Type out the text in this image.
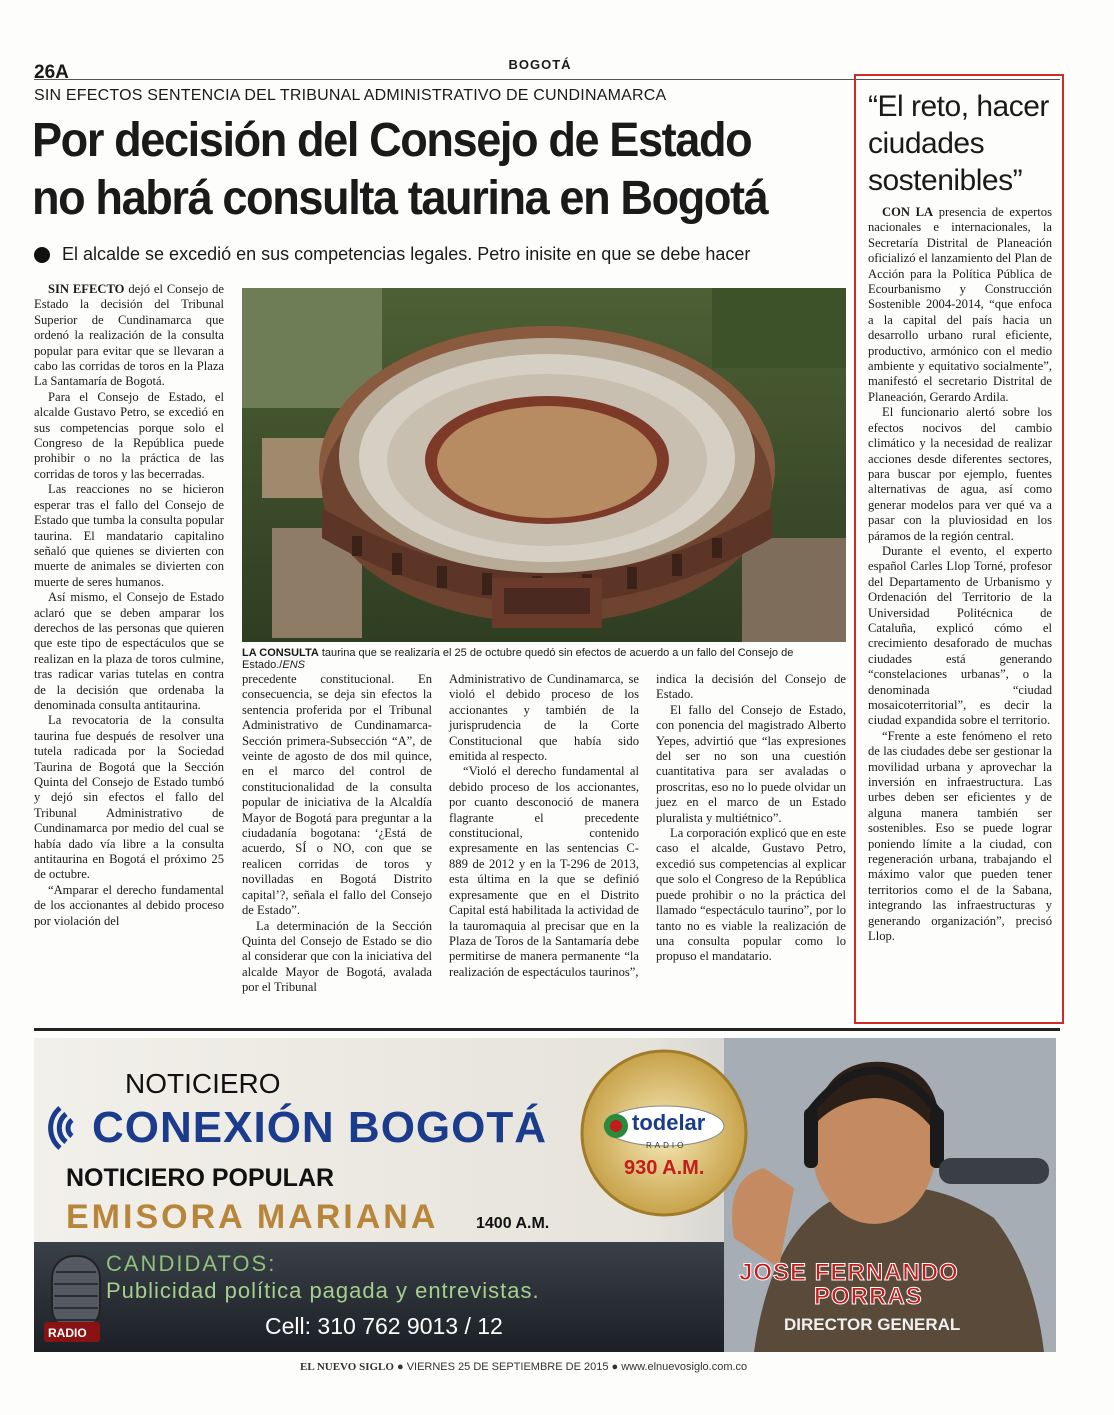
26A	BOGOTÁ
SIN EFECTOS SENTENCIA DEL TRIBUNAL ADMINISTRATIVO DE CUNDINAMARCA
Por decisión del Consejo de Estado
no habrá consulta taurina en Bogotá
El alcalde se excedió en sus competencias legales. Petro inisite en que se debe hacer

SIN EFECTO dejó el Consejo de Estado la decisión del Tribunal Superior de Cundinamarca que ordenó la realización de la consulta popular para evitar que se llevaran a cabo las corridas de toros en la Plaza La Santamaría de Bogotá.

Para el Consejo de Estado, el alcalde Gustavo Petro, se excedió en sus competencias porque solo el Congreso de la República puede prohibir o no la práctica de las corridas de toros y las becerradas.

Las reacciones no se hicieron esperar tras el fallo del Consejo de Estado que tumba la consulta popular taurina. El mandatario capitalino señaló que quienes se divierten con muerte de animales se divierten con muerte de seres humanos.

Así mismo, el Consejo de Estado aclaró que se deben amparar los derechos de las personas que quieren que este tipo de espectáculos que se realizan en la plaza de toros culmine, tras radicar varias tutelas en contra de la decisión que ordenaba la denominada consulta antitaurina.

La revocatoria de la consulta taurina fue después de resolver una tutela radicada por la Sociedad Taurina de Bogotá que la Sección Quinta del Consejo de Estado tumbó y dejó sin efectos el fallo del Tribunal Administrativo de Cundinamarca por medio del cual se había dado vía libre a la consulta antitaurina en Bogotá el próximo 25 de octubre.

“Amparar el derecho fundamental de los accionantes al debido proceso por violación del

LA CONSULTA taurina que se realizaría el 25 de octubre quedó sin efectos de acuerdo a un fallo del Consejo de Estado./ENS

precedente constitucional. En consecuencia, se deja sin efectos la sentencia proferida por el Tribunal Administrativo de Cundinamarca-Sección primera-Subsección “A”, de veinte de agosto de dos mil quince, en el marco del control de constitucionalidad de la consulta popular de iniciativa de la Alcaldía Mayor de Bogotá para preguntar a la ciudadanía bogotana: ‘¿Está de acuerdo, SÍ o NO, con que se realicen corridas de toros y novilladas en Bogotá Distrito capital’?, señala el fallo del Consejo de Estado”.

La determinación de la Sección Quinta del Consejo de Estado se dio al considerar que con la iniciativa del alcalde Mayor de Bogotá, avalada por el Tribunal

Administrativo de Cundinamarca, se violó el debido proceso de los accionantes y también de la jurisprudencia de la Corte Constitucional que había sido emitida al respecto.

“Violó el derecho fundamental al debido proceso de los accionantes, por cuanto desconoció de manera flagrante el precedente constitucional, contenido expresamente en las sentencias C-889 de 2012 y en la T-296 de 2013, esta última en la que se definió expresamente que en el Distrito Capital está habilitada la actividad de la tauromaquia al precisar que en la Plaza de Toros de la Santamaría debe permitirse de manera permanente “la realización de espectáculos taurinos”,

indica la decisión del Consejo de Estado.

El fallo del Consejo de Estado, con ponencia del magistrado Alberto Yepes, advirtió que “las expresiones del ser no son una cuestión cuantitativa para ser avaladas o proscritas, eso no lo puede olvidar un juez en el marco de un Estado pluralista y multiétnico”.

La corporación explicó que en este caso el alcalde, Gustavo Petro, excedió sus competencias al explicar que solo el Congreso de la República puede prohibir o no la práctica del llamado “espectáculo taurino”, por lo tanto no es viable la realización de una consulta popular como lo propuso el mandatario.

“El reto, hacer
ciudades
sostenibles”

CON LA presencia de expertos nacionales e internacionales, la Secretaría Distrital de Planeación oficializó el lanzamiento del Plan de Acción para la Política Pública de Ecourbanismo y Construcción Sostenible 2004-2014, “que enfoca a la capital del país hacia un desarrollo urbano rural eficiente, productivo, armónico con el medio ambiente y equitativo socialmente”, manifestó el secretario Distrital de Planeación, Gerardo Ardila.

El funcionario alertó sobre los efectos nocivos del cambio climático y la necesidad de realizar acciones desde diferentes sectores, para buscar por ejemplo, fuentes alternativas de agua, así como generar modelos para ver qué va a pasar con la pluviosidad en los páramos de la región central.

Durante el evento, el experto español Carles Llop Torné, profesor del Departamento de Urbanismo y Ordenación del Territorio de la Universidad Politécnica de Cataluña, explicó cómo el crecimiento desaforado de muchas ciudades está generando “constelaciones urbanas”, o la denominada “ciudad mosaicoterritorial”, es decir la ciudad expandida sobre el territorio.

“Frente a este fenómeno el reto de las ciudades debe ser gestionar la movilidad urbana y aprovechar la inversión en infraestructura. Las urbes deben ser eficientes y de alguna manera también ser sostenibles. Eso se puede lograr poniendo límite a la ciudad, con regeneración urbana, trabajando el máximo valor que pueden tener territorios como el de la Sabana, integrando las infraestructuras y generando organización”, precisó Llop.

NOTICIERO
CONEXIÓN BOGOTÁ
NOTICIERO POPULAR
EMISORA MARIANA 1400 A.M.
CANDIDATOS:
Publicidad política pagada y entrevistas.
Cell: 310 762 9013 / 12
todelar
RADIO
930 A.M.
RADIO
JOSE FERNANDO
PORRAS
DIRECTOR GENERAL
EL NUEVO SIGLO ● VIERNES 25 DE SEPTIEMBRE DE 2015 ● www.elnuevosiglo.com.co
